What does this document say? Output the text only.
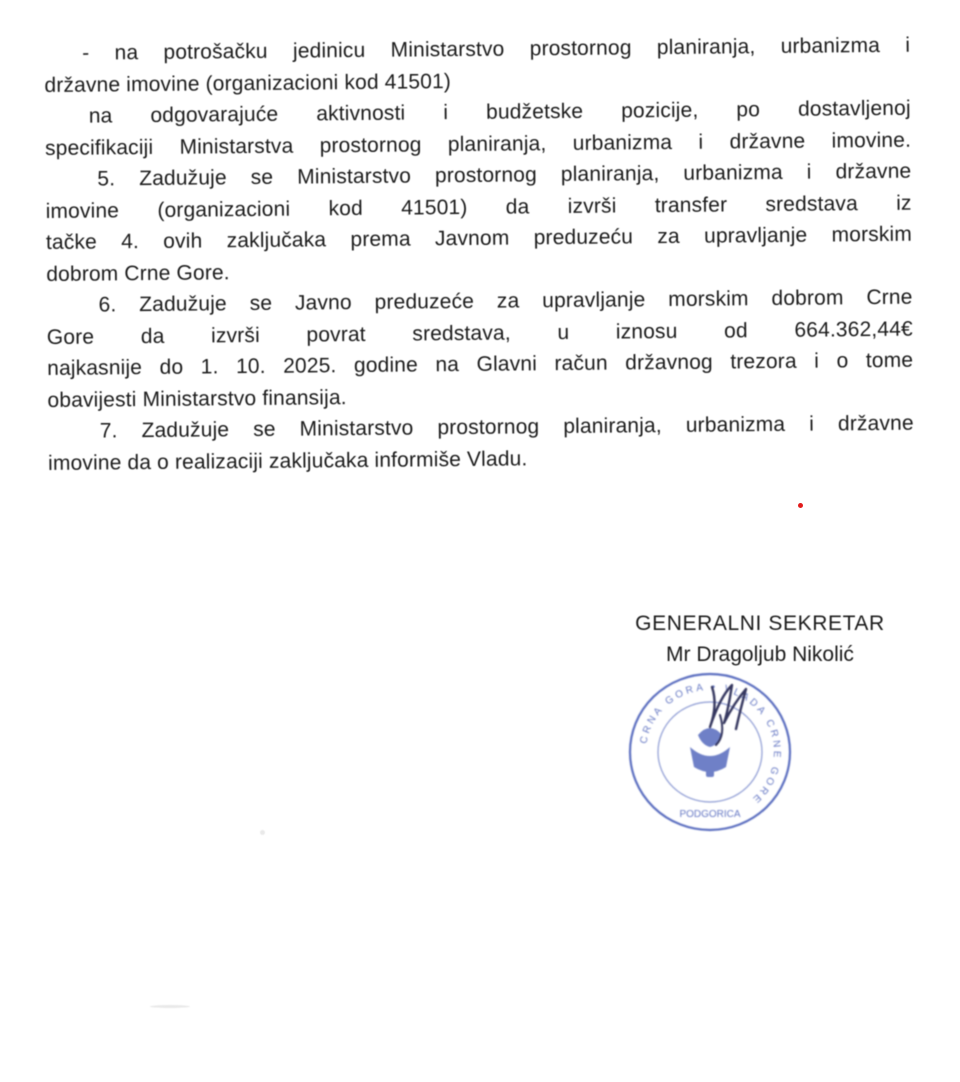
- na potrošačku jedinicu Ministarstvo prostornog planiranja, urbanizma i
državne imovine (organizacioni kod 41501)
na odgovarajuće aktivnosti i budžetske pozicije, po dostavljenoj
specifikaciji Ministarstva prostornog planiranja, urbanizma i državne imovine.
5. Zadužuje se Ministarstvo prostornog planiranja, urbanizma i državne
imovine (organizacioni kod 41501) da izvrši transfer sredstava iz
tačke 4. ovih zaključaka prema Javnom preduzeću za upravljanje morskim
dobrom Crne Gore.
6. Zadužuje se Javno preduzeće za upravljanje morskim dobrom Crne
Gore da izvrši povrat sredstava, u iznosu od 664.362,44€
najkasnije do 1. 10. 2025. godine na Glavni račun državnog trezora i o tome
obavijesti Ministarstvo finansija.
7. Zadužuje se Ministarstvo prostornog planiranja, urbanizma i državne
imovine da o realizaciji zaključaka informiše Vladu.
GENERALNI SEKRETAR
Mr Dragoljub Nikolić
CRNA GORA • VLADA CRNE GORE
PODGORICA
